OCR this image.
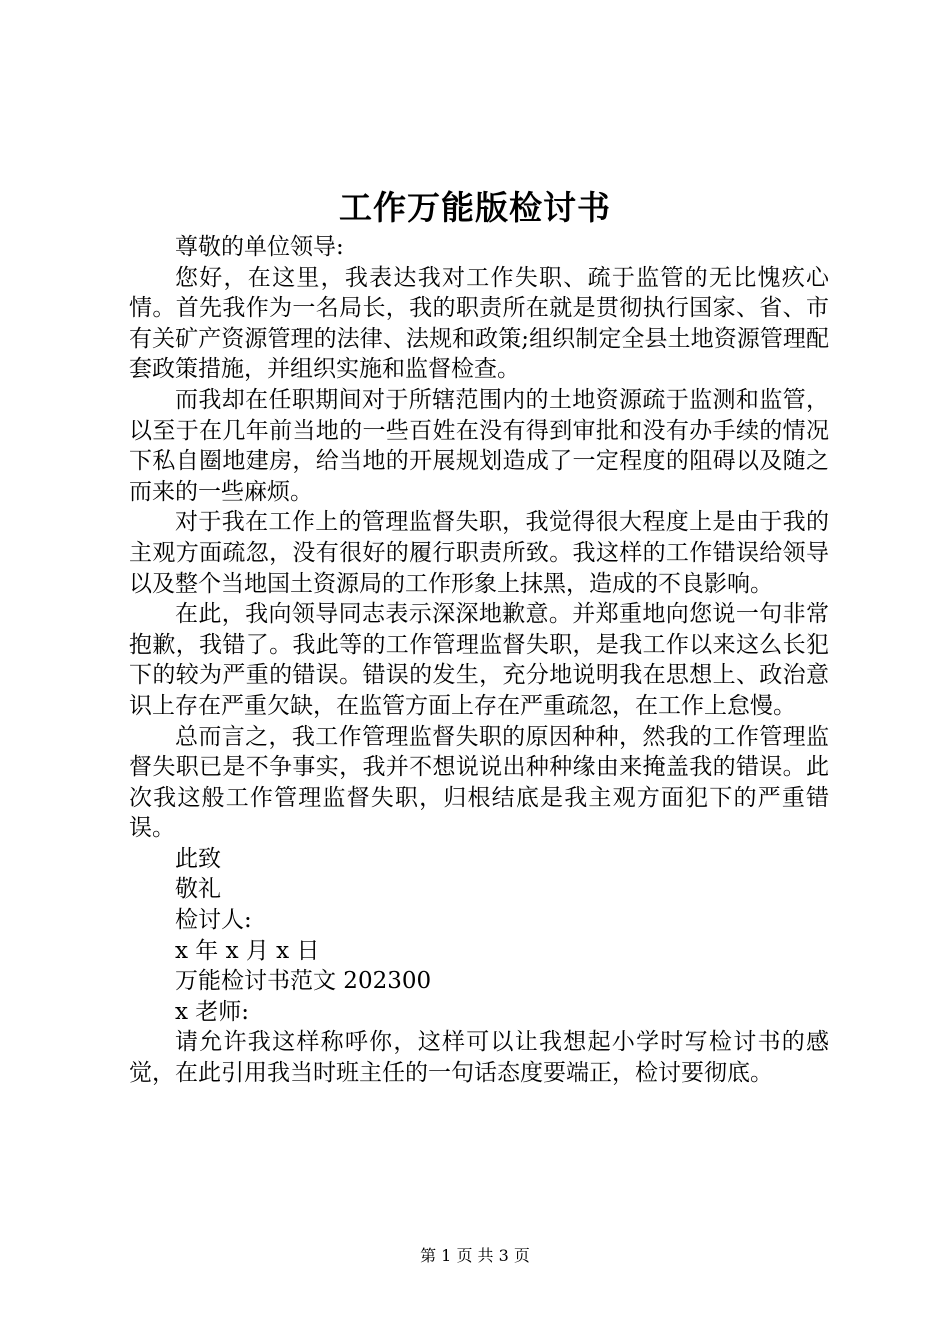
工作万能版检讨书

尊敬的单位领导:

您好，在这里，我表达我对工作失职、疏于监管的无比愧疚心情。首先我作为一名局长，我的职责所在就是贯彻执行国家、省、市有关矿产资源管理的法律、法规和政策;组织制定全县土地资源管理配套政策措施，并组织实施和监督检查。

而我却在任职期间对于所辖范围内的土地资源疏于监测和监管，以至于在几年前当地的一些百姓在没有得到审批和没有办手续的情况下私自圈地建房，给当地的开展规划造成了一定程度的阻碍以及随之而来的一些麻烦。

对于我在工作上的管理监督失职，我觉得很大程度上是由于我的主观方面疏忽，没有很好的履行职责所致。我这样的工作错误给领导以及整个当地国土资源局的工作形象上抹黑，造成的不良影响。

在此，我向领导同志表示深深地歉意。并郑重地向您说一句非常抱歉，我错了。我此等的工作管理监督失职，是我工作以来这么长犯下的较为严重的错误。错误的发生，充分地说明我在思想上、政治意识上存在严重欠缺，在监管方面上存在严重疏忽，在工作上怠慢。

总而言之，我工作管理监督失职的原因种种，然我的工作管理监督失职已是不争事实，我并不想说说出种种缘由来掩盖我的错误。此次我这般工作管理监督失职，归根结底是我主观方面犯下的严重错误。

此致

敬礼

检讨人:

x 年 x 月 x 日

万能检讨书范文 202300

x 老师:

请允许我这样称呼你，这样可以让我想起小学时写检讨书的感觉，在此引用我当时班主任的一句话态度要端正，检讨要彻底。

第 1 页 共 3 页
